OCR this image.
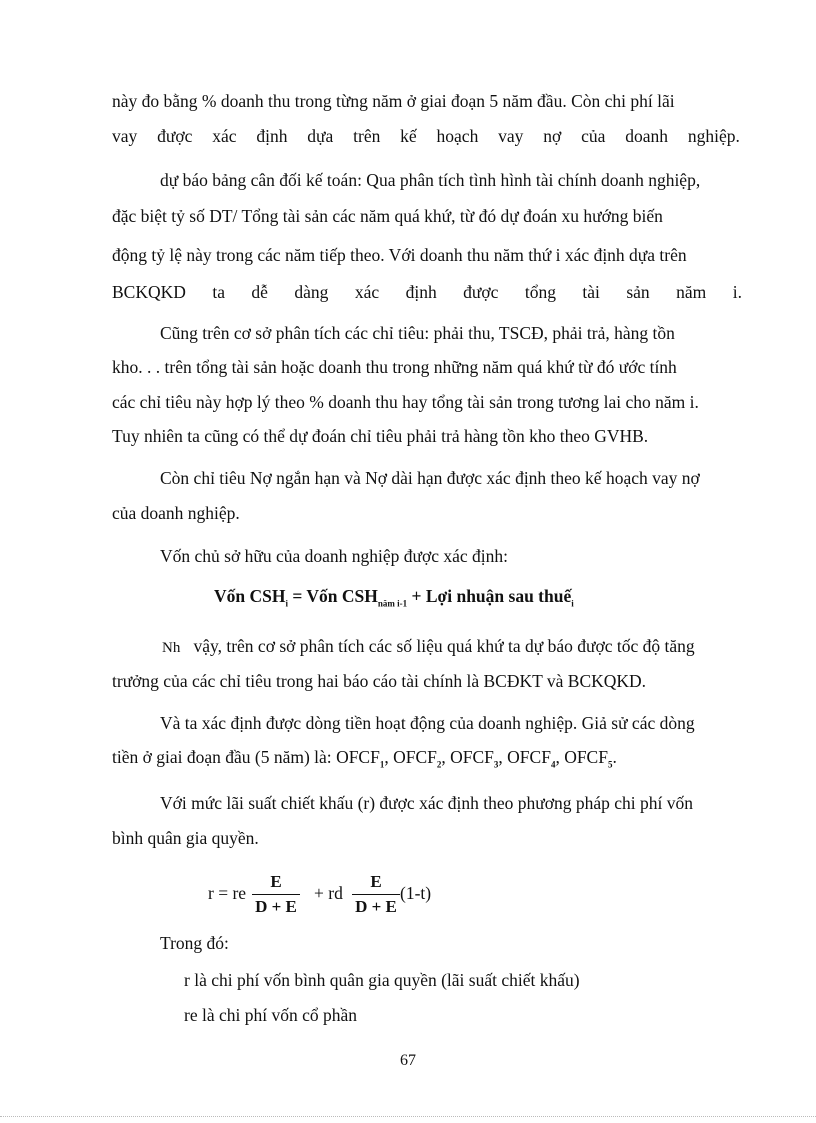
này đo bằng % doanh thu trong từng năm ở giai đoạn 5 năm đầu. Còn chi phí lãi
vay được xác định dựa trên kế hoạch vay nợ của doanh nghiệp.
dự báo bảng cân đối kế toán: Qua phân tích tình hình tài chính doanh nghiệp,
đặc biệt tỷ số DT/ Tổng tài sản các năm quá khứ, từ đó dự đoán xu hướng biến
động tỷ lệ này trong các năm tiếp theo. Với doanh thu năm thứ i xác định dựa trên
BCKQKD ta dễ dàng xác định được tổng tài sản năm i.
Cũng trên cơ sở phân tích các chỉ tiêu: phải thu, TSCĐ, phải trả, hàng tồn
kho. . . trên tổng tài sản hoặc doanh thu trong những năm quá khứ từ đó ước tính
các chỉ tiêu này hợp lý theo % doanh thu hay tổng tài sản trong tương lai cho năm i.
Tuy nhiên ta cũng có thể dự đoán chỉ tiêu phải trả hàng tồn kho theo GVHB.
Còn chỉ tiêu Nợ ngắn hạn và Nợ dài hạn được xác định theo kế hoạch vay nợ
của doanh nghiệp.
Vốn chủ sở hữu của doanh nghiệp được xác định:
Vốn $CSH_i$ = Vốn $CSH_{năm i-1}$ + Lợi nhuận sau thuế$_i$
Nh vậy, trên cơ sở phân tích các số liệu quá khứ ta dự báo được tốc độ tăng
trưởng của các chỉ tiêu trong hai báo cáo tài chính là BCĐKT và BCKQKD.
Và ta xác định được dòng tiền hoạt động của doanh nghiệp. Giả sử các dòng
tiền ở giai đoạn đầu (5 năm) là: $OFCF_1$, $OFCF_2$, $OFCF_3$, $OFCF_4$, $OFCF_5$.
Với mức lãi suất chiết khấu (r) được xác định theo phương pháp chi phí vốn
bình quân gia quyền.
r = re
E
D + E
+ rd
E
D + E
(1-t)
Trong đó:
r là chi phí vốn bình quân gia quyền (lãi suất chiết khấu)
re là chi phí vốn cổ phần
67
